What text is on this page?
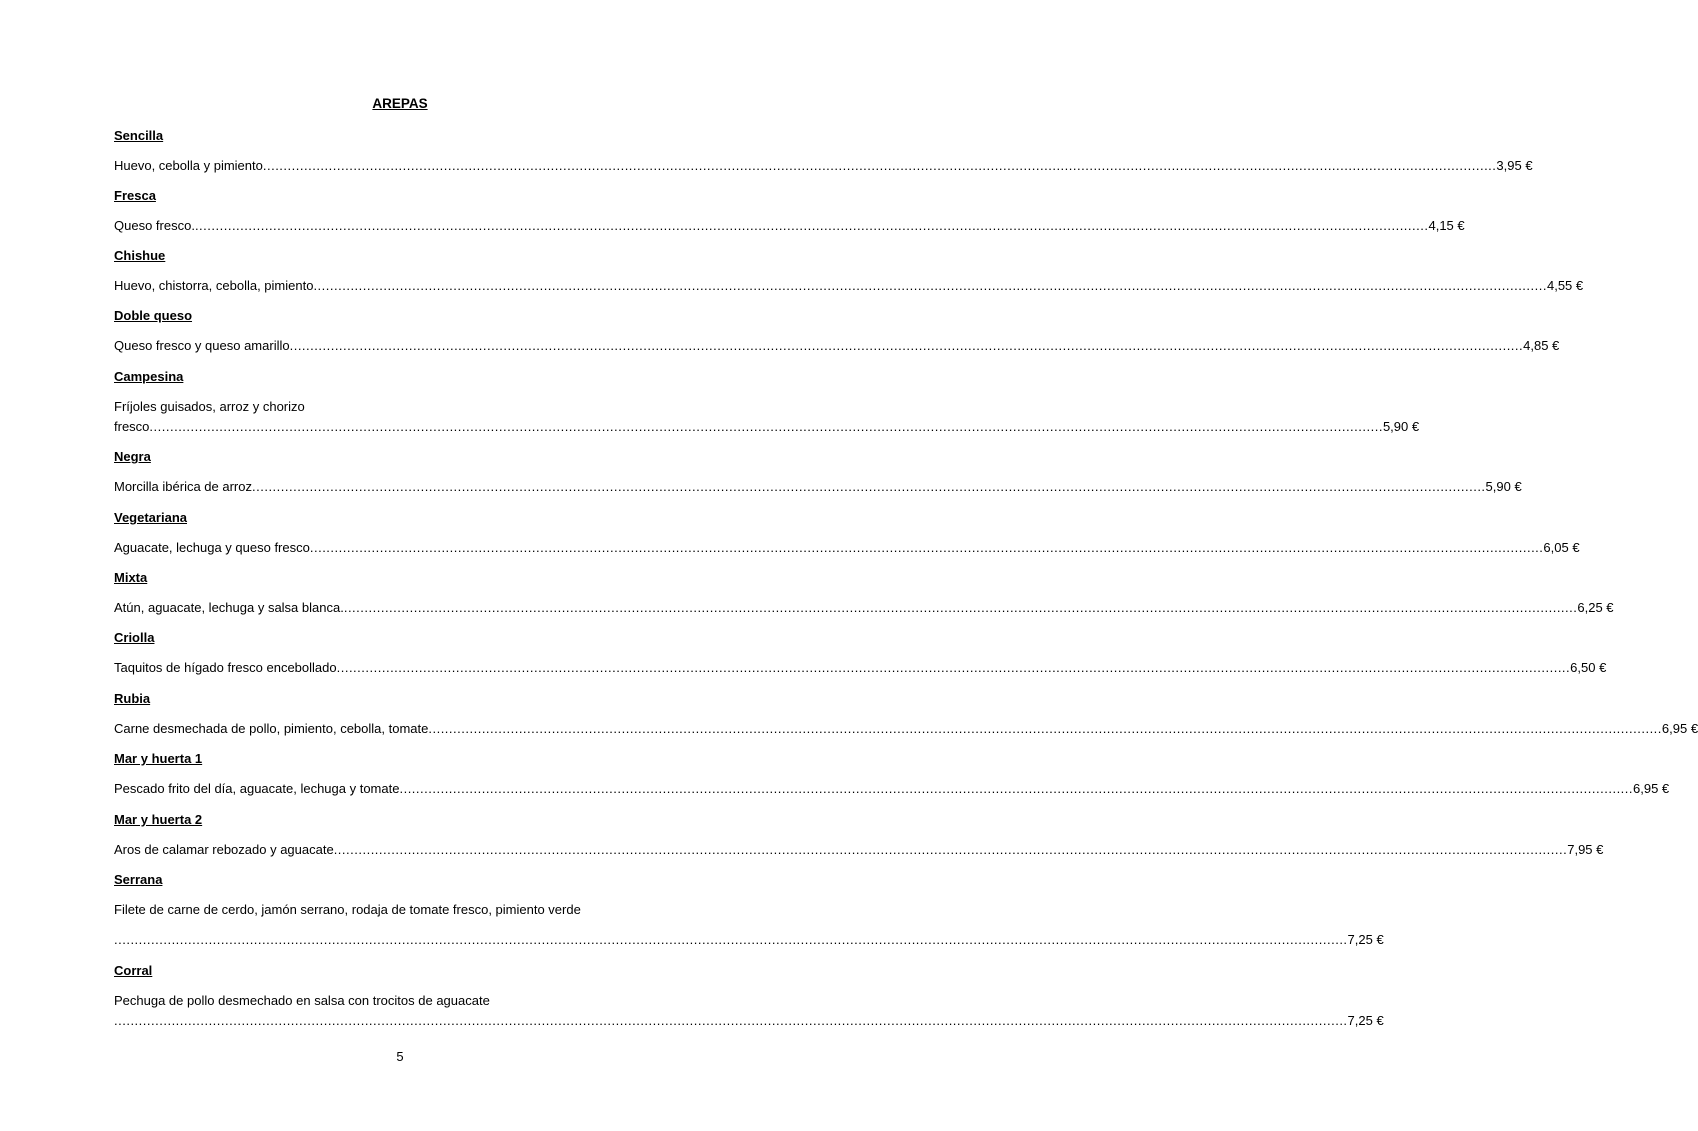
AREPAS
Sencilla
Huevo, cebolla y pimiento ............................................................................................................................................................................................................................................................................................................ 3,95 €
Fresca
Queso fresco. ............................................................................................................................................................................................................................................................................................................ 4,15 €
Chishue
Huevo, chistorra, cebolla, pimiento ............................................................................................................................................................................................................................................................................................................ 4,55 €
Doble queso
Queso fresco y queso amarillo ............................................................................................................................................................................................................................................................................................................ 4,85 €
Campesina
Fríjoles guisados, arroz y chorizo
fresco ............................................................................................................................................................................................................................................................................................................ 5,90 €
Negra
Morcilla ibérica de arroz ............................................................................................................................................................................................................................................................................................................ 5,90 €
Vegetariana
Aguacate, lechuga y queso fresco ............................................................................................................................................................................................................................................................................................................ 6,05 €
Mixta
Atún, aguacate, lechuga y salsa blanca. ............................................................................................................................................................................................................................................................................................................ 6,25 €
Criolla
Taquitos de hígado fresco encebollado ............................................................................................................................................................................................................................................................................................................ 6,50 €
Rubia
Carne desmechada de pollo, pimiento, cebolla, tomate ............................................................................................................................................................................................................................................................................................................ 6,95 €
Mar y huerta 1
Pescado frito del día, aguacate, lechuga y tomate ............................................................................................................................................................................................................................................................................................................ 6,95 €
Mar y huerta 2
Aros de calamar rebozado y aguacate ............................................................................................................................................................................................................................................................................................................ 7,95 €
Serrana
Filete de carne de cerdo, jamón serrano, rodaja de tomate fresco, pimiento verde
............................................................................................................................................................................................................................................................................................................ 7,25 €
Corral
Pechuga de pollo desmechado en salsa con trocitos de aguacate
............................................................................................................................................................................................................................................................................................................ 7,25 €
5
